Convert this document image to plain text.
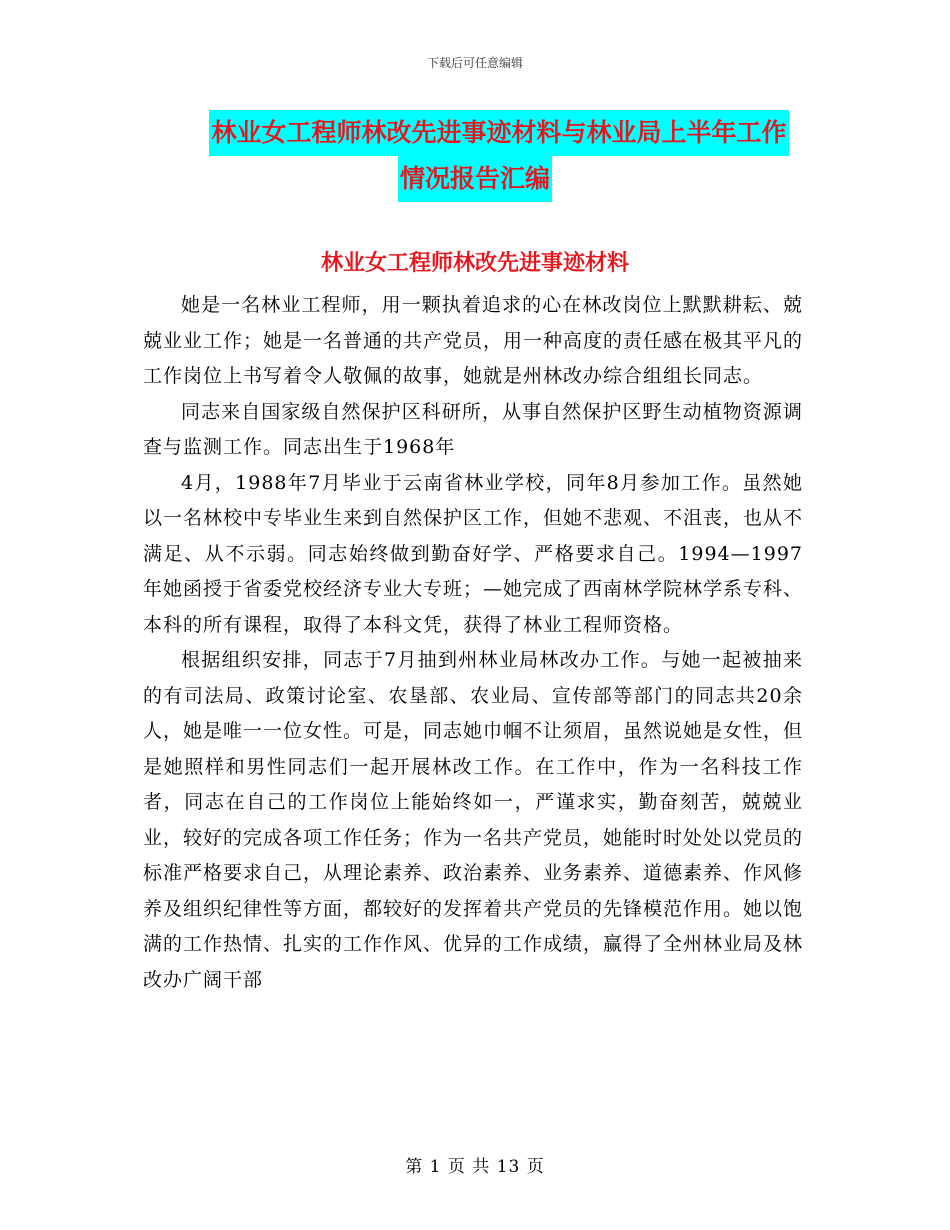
下载后可任意编辑
林业女工程师林改先进事迹材料与林业局上半年工作
情况报告汇编
林业女工程师林改先进事迹材料

她是一名林业工程师，用一颗执着追求的心在林改岗位上默默耕耘、兢兢业业工作；她是一名普通的共产党员，用一种高度的责任感在极其平凡的工作岗位上书写着令人敬佩的故事，她就是州林改办综合组组长同志。

同志来自国家级自然保护区科研所，从事自然保护区野生动植物资源调查与监测工作。同志出生于1968年

4月，1988年7月毕业于云南省林业学校，同年8月参加工作。虽然她以一名林校中专毕业生来到自然保护区工作，但她不悲观、不沮丧，也从不满足、从不示弱。同志始终做到勤奋好学、严格要求自己。1994—1997年她函授于省委党校经济专业大专班；—她完成了西南林学院林学系专科、本科的所有课程，取得了本科文凭，获得了林业工程师资格。

根据组织安排，同志于7月抽到州林业局林改办工作。与她一起被抽来的有司法局、政策讨论室、农垦部、农业局、宣传部等部门的同志共20余人，她是唯一一位女性。可是，同志她巾帼不让须眉，虽然说她是女性，但是她照样和男性同志们一起开展林改工作。在工作中，作为一名科技工作者，同志在自己的工作岗位上能始终如一，严谨求实，勤奋刻苦，兢兢业业，较好的完成各项工作任务；作为一名共产党员，她能时时处处以党员的标准严格要求自己，从理论素养、政治素养、业务素养、道德素养、作风修养及组织纪律性等方面，都较好的发挥着共产党员的先锋模范作用。她以饱满的工作热情、扎实的工作作风、优异的工作成绩，赢得了全州林业局及林改办广阔干部

第 1 页 共 13 页
